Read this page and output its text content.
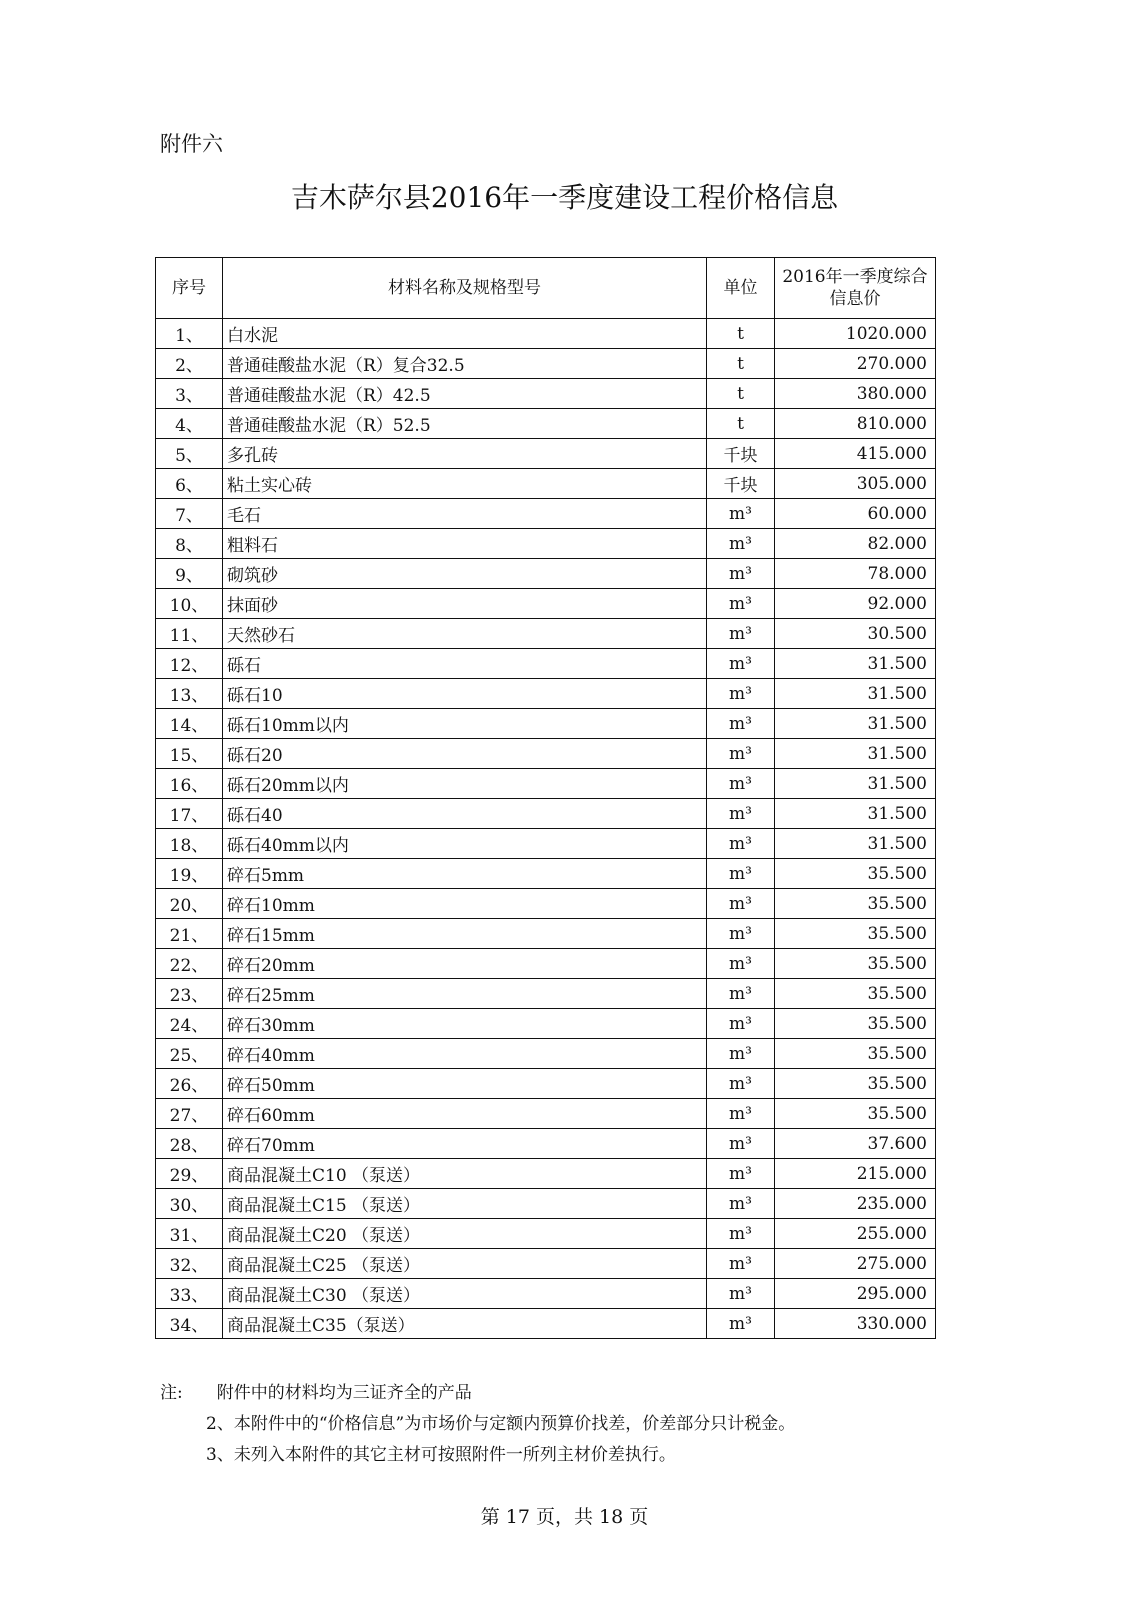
附件六
吉木萨尔县2016年一季度建设工程价格信息
序号	材料名称及规格型号	单位	2016年一季度综合信息价
1、	白水泥	t	1020.000
2、	普通硅酸盐水泥（R）复合32.5	t	270.000
3、	普通硅酸盐水泥（R）42.5	t	380.000
4、	普通硅酸盐水泥（R）52.5	t	810.000
5、	多孔砖	千块	415.000
6、	粘土实心砖	千块	305.000
7、	毛石	m³	60.000
8、	粗料石	m³	82.000
9、	砌筑砂	m³	78.000
10、	抹面砂	m³	92.000
11、	天然砂石	m³	30.500
12、	砾石	m³	31.500
13、	砾石10	m³	31.500
14、	砾石10mm以内	m³	31.500
15、	砾石20	m³	31.500
16、	砾石20mm以内	m³	31.500
17、	砾石40	m³	31.500
18、	砾石40mm以内	m³	31.500
19、	碎石5mm	m³	35.500
20、	碎石10mm	m³	35.500
21、	碎石15mm	m³	35.500
22、	碎石20mm	m³	35.500
23、	碎石25mm	m³	35.500
24、	碎石30mm	m³	35.500
25、	碎石40mm	m³	35.500
26、	碎石50mm	m³	35.500
27、	碎石60mm	m³	35.500
28、	碎石70mm	m³	37.600
29、	商品混凝土C10 （泵送）	m³	215.000
30、	商品混凝土C15 （泵送）	m³	235.000
31、	商品混凝土C20 （泵送）	m³	255.000
32、	商品混凝土C25 （泵送）	m³	275.000
33、	商品混凝土C30 （泵送）	m³	295.000
34、	商品混凝土C35（泵送）	m³	330.000
注:　　附件中的材料均为三证齐全的产品
2、本附件中的“价格信息”为市场价与定额内预算价找差，价差部分只计税金。
3、未列入本附件的其它主材可按照附件一所列主材价差执行。
第 17 页，共 18 页
